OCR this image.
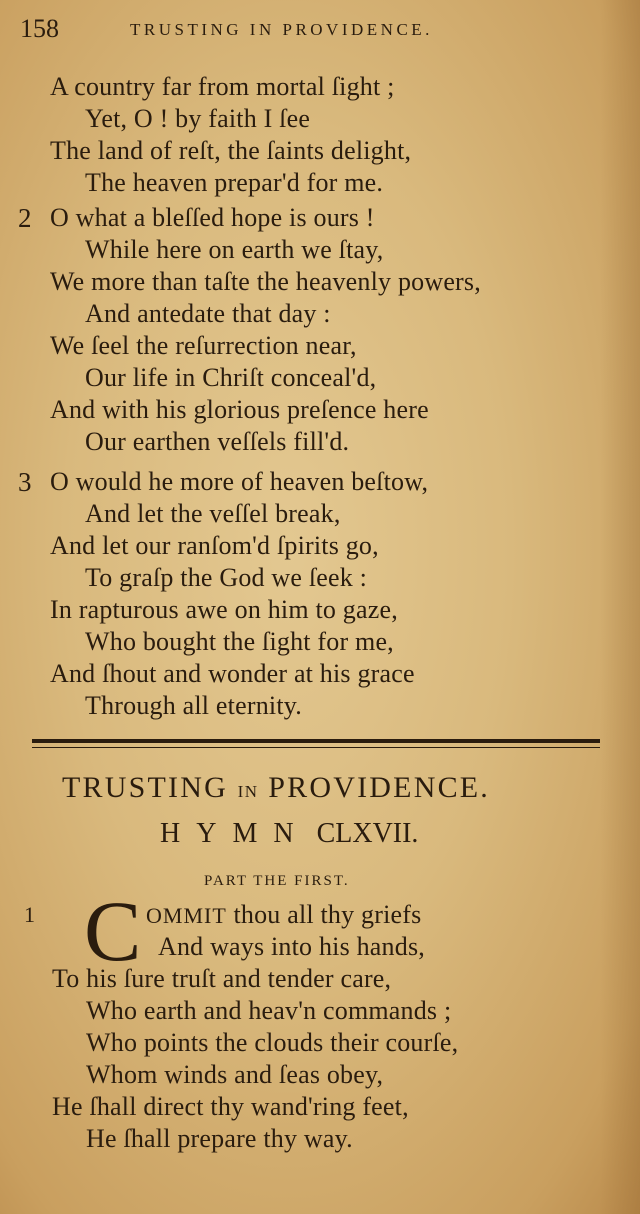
158	TRUSTING IN PROVIDENCE.
A country far from mortal ſight ;
Yet, O ! by faith I ſee
The land of reſt, the ſaints delight,
The heaven prepar'd for me.
2 O what a bleſſed hope is ours !
While here on earth we ſtay,
We more than taſte the heavenly powers,
And antedate that day :
We ſeel the reſurrection near,
Our life in Chriſt conceal'd,
And with his glorious preſence here
Our earthen veſſels fill'd.
3 O would he more of heaven beſtow,
And let the veſſel break,
And let our ranſom'd ſpirits go,
To graſp the God we ſeek :
In rapturous awe on him to gaze,
Who bought the ſight for me,
And ſhout and wonder at his grace
Through all eternity.
TRUSTING IN PROVIDENCE.
HYMN CLXVII.
PART THE FIRST.
1 C OMMIT thou all thy griefs
And ways into his hands,
To his ſure truſt and tender care,
Who earth and heav'n commands ;
Who points the clouds their courſe,
Whom winds and ſeas obey,
He ſhall direct thy wand'ring feet,
He ſhall prepare thy way.
